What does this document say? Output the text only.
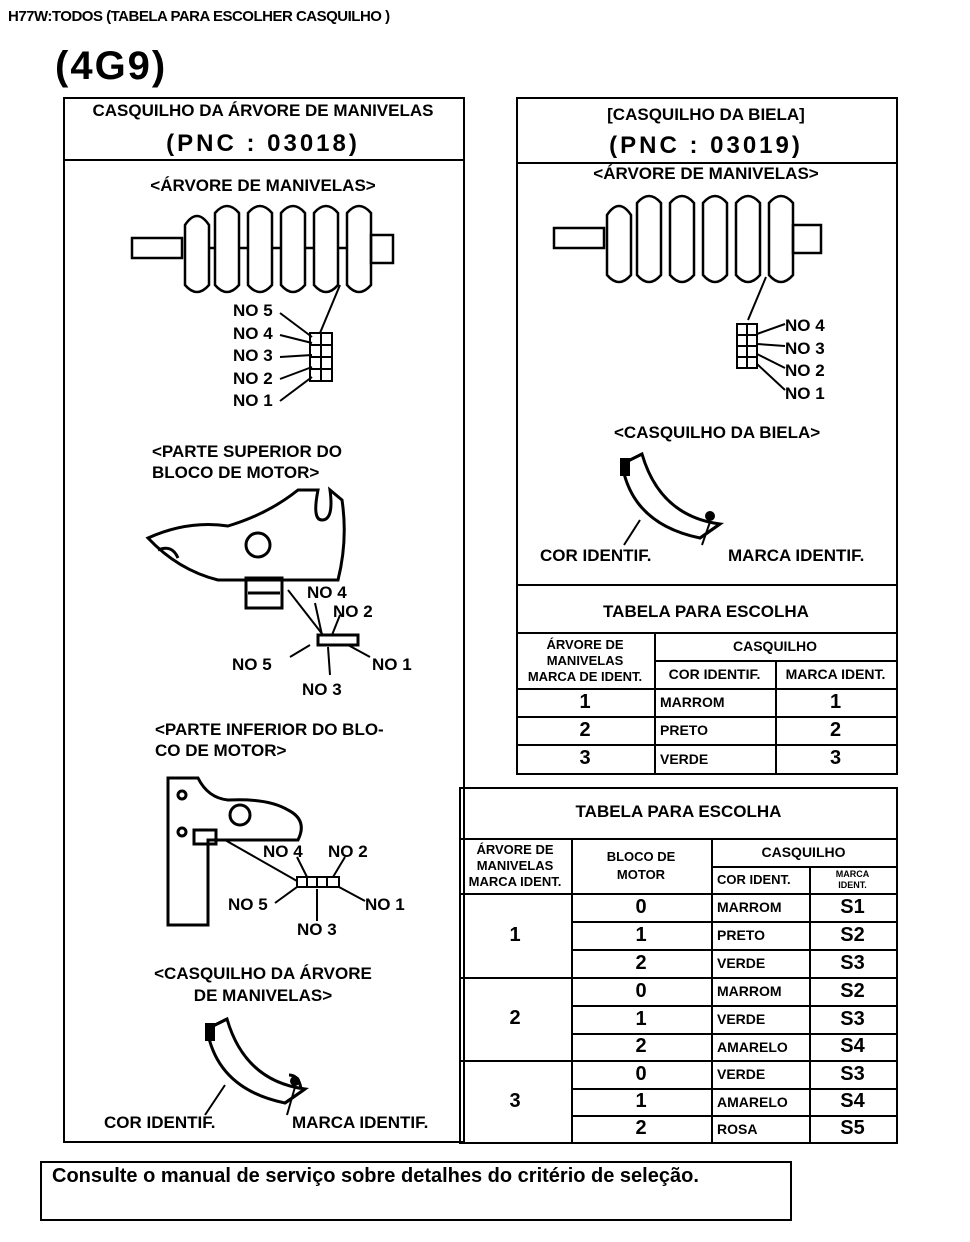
H77W:TODOS (TABELA PARA ESCOLHER CASQUILHO )
(4G9)
CASQUILHO DA ÁRVORE DE MANIVELAS
(PNC : 03018)
<ÁRVORE DE MANIVELAS>
NO 5
NO 4
NO 3
NO 2
NO 1
<PARTE SUPERIOR DO
BLOCO DE MOTOR>
NO 4
NO 2
NO 5	NO 1
NO 3
<PARTE INFERIOR DO BLO-
CO DE MOTOR>
NO 4 NO 2
NO 5	NO 1
NO 3
<CASQUILHO DA ÁRVORE
DE MANIVELAS>
COR IDENTIF.	MARCA IDENTIF.
[CASQUILHO DA BIELA]
(PNC : 03019)
<ÁRVORE DE MANIVELAS>
NO 4
NO 3
NO 2
NO 1
<CASQUILHO DA BIELA>
COR IDENTIF.	MARCA IDENTIF.
TABELA PARA ESCOLHA
ÁRVORE DE
MANIVELAS
MARCA DE IDENT.
CASQUILHO
COR IDENTIF.	MARCA IDENT.
1	MARROM	1
2	PRETO	2
3	VERDE	3
TABELA PARA ESCOLHA
ÁRVORE DE
MANIVELAS
MARCA IDENT.
BLOCO DE
MOTOR
CASQUILHO
COR IDENT.	MARCA
IDENT.
1
0	MARROM	S1
1	PRETO	S2
2	VERDE	S3
2
0	MARROM	S2
1	VERDE	S3
2	AMARELO	S4
3
0	VERDE	S3
1	AMARELO	S4
2	ROSA	S5
Consulte o manual de serviço sobre detalhes do critério de seleção.
